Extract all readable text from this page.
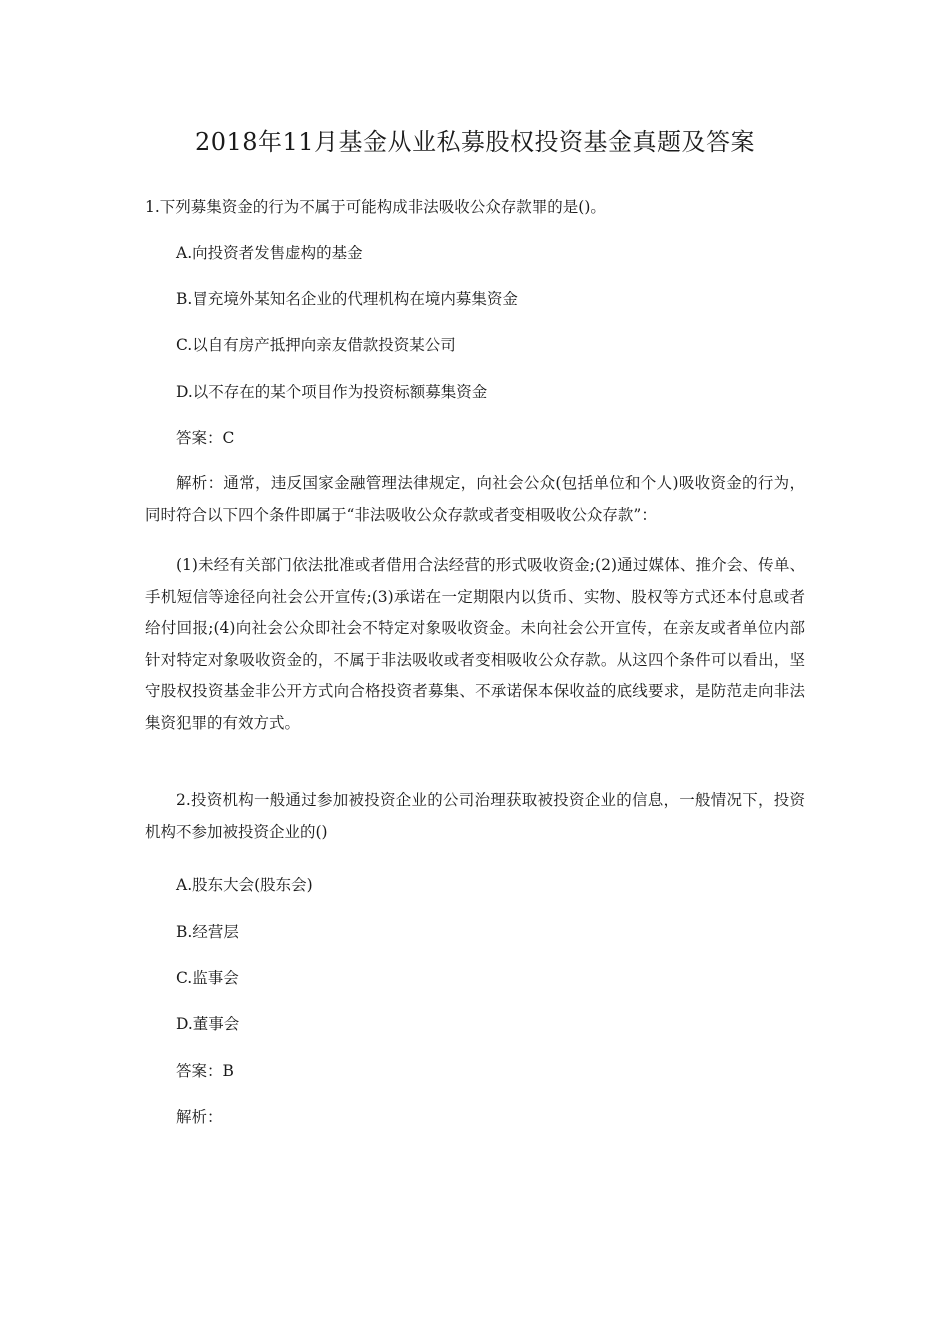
2018年11月基金从业私募股权投资基金真题及答案
1.下列募集资金的行为不属于可能构成非法吸收公众存款罪的是()。
A.向投资者发售虚构的基金
B.冒充境外某知名企业的代理机构在境内募集资金
C.以自有房产抵押向亲友借款投资某公司
D.以不存在的某个项目作为投资标额募集资金
答案：C
解析：通常，违反国家金融管理法律规定，向社会公众(包括单位和个人)吸收资金的行为，同时符合以下四个条件即属于“非法吸收公众存款或者变相吸收公众存款”：
(1)未经有关部门依法批准或者借用合法经营的形式吸收资金;(2)通过媒体、推介会、传单、手机短信等途径向社会公开宣传;(3)承诺在一定期限内以货币、实物、股权等方式还本付息或者给付回报;(4)向社会公众即社会不特定对象吸收资金。未向社会公开宣传，在亲友或者单位内部针对特定对象吸收资金的，不属于非法吸收或者变相吸收公众存款。从这四个条件可以看出，坚守股权投资基金非公开方式向合格投资者募集、不承诺保本保收益的底线要求，是防范走向非法集资犯罪的有效方式。
2.投资机构一般通过参加被投资企业的公司治理获取被投资企业的信息，一般情况下，投资机构不参加被投资企业的()
A.股东大会(股东会)
B.经营层
C.监事会
D.董事会
答案：B
解析：
